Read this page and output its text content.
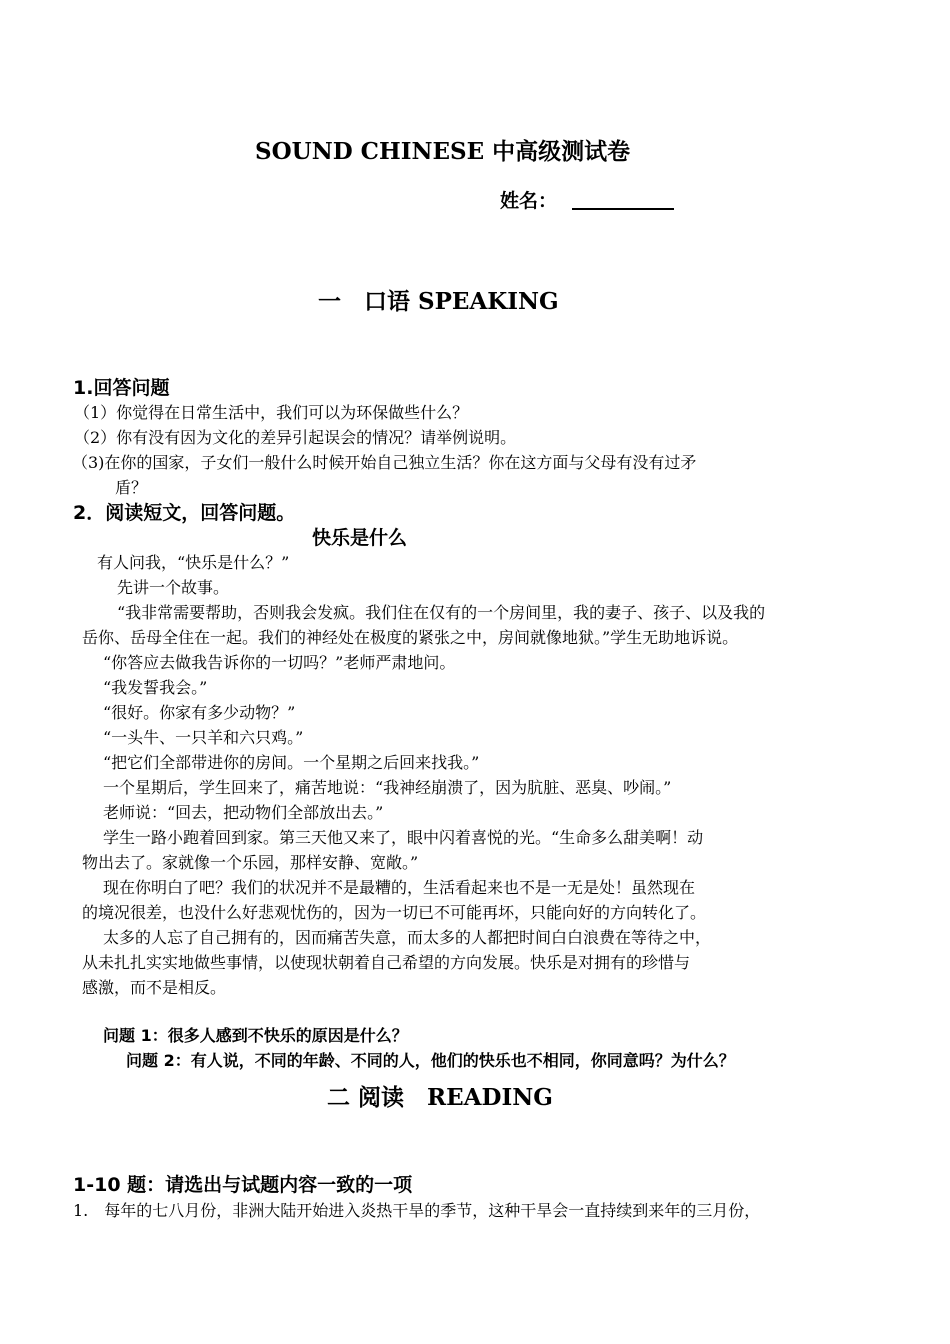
SOUND CHINESE 中高级测试卷
姓名：
一　口语 SPEAKING
1.回答问题
（1）你觉得在日常生活中，我们可以为环保做些什么？
（2）你有没有因为文化的差异引起误会的情况？请举例说明。
（3)在你的国家，子女们一般什么时候开始自己独立生活？你在这方面与父母有没有过矛
盾？
2．阅读短文，回答问题。
快乐是什么
有人问我，“快乐是什么？”
先讲一个故事。
“我非常需要帮助，否则我会发疯。我们住在仅有的一个房间里，我的妻子、孩子、以及我的
岳你、岳母全住在一起。我们的神经处在极度的紧张之中，房间就像地狱。”学生无助地诉说。
“你答应去做我告诉你的一切吗？”老师严肃地问。
“我发誓我会。”
“很好。你家有多少动物？”
“一头牛、一只羊和六只鸡。”
“把它们全部带进你的房间。一个星期之后回来找我。”
一个星期后，学生回来了，痛苦地说：“我神经崩溃了，因为肮脏、恶臭、吵闹。”
老师说：“回去，把动物们全部放出去。”
学生一路小跑着回到家。第三天他又来了，眼中闪着喜悦的光。“生命多么甜美啊！动
物出去了。家就像一个乐园，那样安静、宽敞。”
现在你明白了吧？我们的状况并不是最糟的，生活看起来也不是一无是处！虽然现在
的境况很差，也没什么好悲观忧伤的，因为一切已不可能再坏，只能向好的方向转化了。
太多的人忘了自己拥有的，因而痛苦失意，而太多的人都把时间白白浪费在等待之中，
从未扎扎实实地做些事情，以使现状朝着自己希望的方向发展。快乐是对拥有的珍惜与
感激，而不是相反。
问题 1：很多人感到不快乐的原因是什么？
问题 2：有人说，不同的年龄、不同的人，他们的快乐也不相同，你同意吗？为什么？
二 阅读　READING
1-10 题：请选出与试题内容一致的一项
1.　每年的七八月份，非洲大陆开始进入炎热干旱的季节，这种干旱会一直持续到来年的三月份，
